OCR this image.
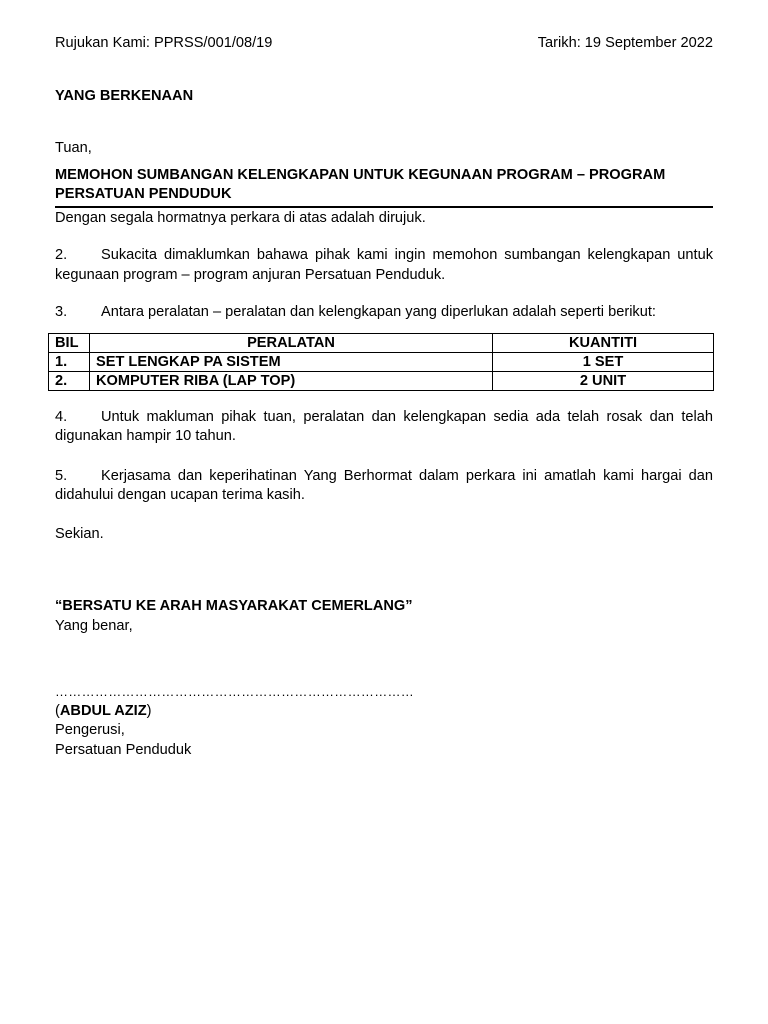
Rujukan Kami: PPRSS/001/08/19	Tarikh: 19 September 2022

YANG BERKENAAN

Tuan,

MEMOHON SUMBANGAN KELENGKAPAN UNTUK KEGUNAAN PROGRAM – PROGRAM

PERSATUAN PENDUDUK

Dengan segala hormatnya perkara di atas adalah dirujuk.

2. Sukacita dimaklumkan bahawa pihak kami ingin memohon sumbangan kelengkapan untuk kegunaan program – program anjuran Persatuan Penduduk.

3. Antara peralatan – peralatan dan kelengkapan yang diperlukan adalah seperti berikut:

BIL	PERALATAN	KUANTITI
1.	SET LENGKAP PA SISTEM	1 SET
2.	KOMPUTER RIBA (LAP TOP)	2 UNIT

4. Untuk makluman pihak tuan, peralatan dan kelengkapan sedia ada telah rosak dan telah digunakan hampir 10 tahun.

5. Kerjasama dan keperihatinan Yang Berhormat dalam perkara ini amatlah kami hargai dan didahului dengan ucapan terima kasih.

Sekian.

“BERSATU KE ARAH MASYARAKAT CEMERLANG”

Yang benar,

………………………………………………………………………

(ABDUL AZIZ)

Pengerusi,

Persatuan Penduduk
